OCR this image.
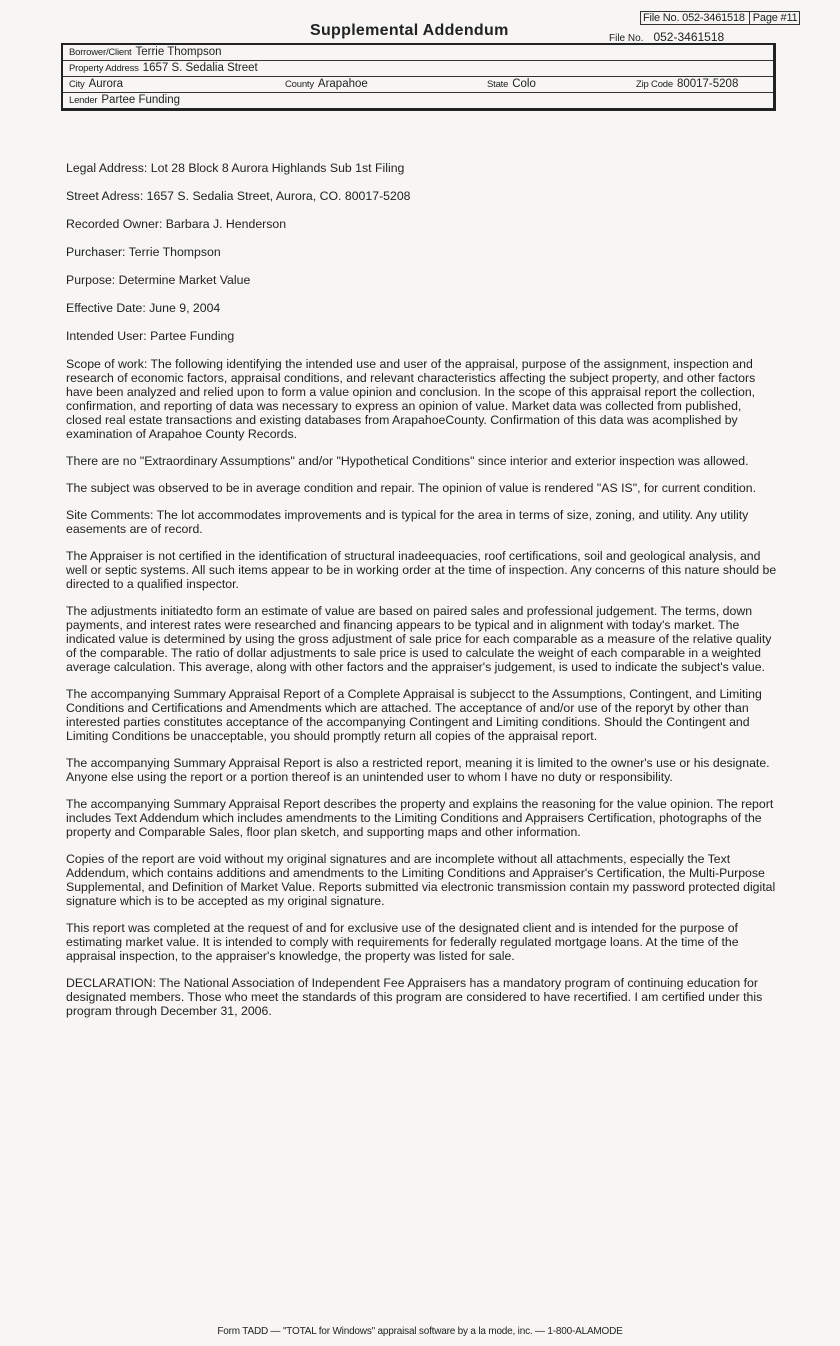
File No. 052-3461518 Page #11
Supplemental Addendum	File No. 052-3461518
Borrower/Client Terrie Thompson
Property Address 1657 S. Sedalia Street
City Aurora	County Arapahoe	State Colo	Zip Code 80017-5208
Lender Partee Funding
Legal Address: Lot 28 Block 8 Aurora Highlands Sub 1st Filing
Street Adress: 1657 S. Sedalia Street, Aurora, CO. 80017-5208
Recorded Owner: Barbara J. Henderson
Purchaser: Terrie Thompson
Purpose: Determine Market Value
Effective Date: June 9, 2004
Intended User: Partee Funding
Scope of work: The following identifying the intended use and user of the appraisal, purpose of the assignment, inspection and research of economic factors, appraisal conditions, and relevant characteristics affecting the subject property, and other factors have been analyzed and relied upon to form a value opinion and conclusion. In the scope of this appraisal report the collection, confirmation, and reporting of data was necessary to express an opinion of value. Market data was collected from published, closed real estate transactions and existing databases from ArapahoeCounty. Confirmation of this data was acomplished by examination of Arapahoe County Records.
There are no "Extraordinary Assumptions" and/or "Hypothetical Conditions" since interior and exterior inspection was allowed.
The subject was observed to be in average condition and repair. The opinion of value is rendered "AS IS", for current condition.
Site Comments: The lot accommodates improvements and is typical for the area in terms of size, zoning, and utility. Any utility easements are of record.
The Appraiser is not certified in the identification of structural inadeequacies, roof certifications, soil and geological analysis, and well or septic systems. All such items appear to be in working order at the time of inspection. Any concerns of this nature should be directed to a qualified inspector.
The adjustments initiatedto form an estimate of value are based on paired sales and professional judgement. The terms, down payments, and interest rates were researched and financing appears to be typical and in alignment with today's market. The indicated value is determined by using the gross adjustment of sale price for each comparable as a measure of the relative quality of the comparable. The ratio of dollar adjustments to sale price is used to calculate the weight of each comparable in a weighted average calculation. This average, along with other factors and the appraiser's judgement, is used to indicate the subject's value.
The accompanying Summary Appraisal Report of a Complete Appraisal is subjecct to the Assumptions, Contingent, and Limiting Conditions and Certifications and Amendments which are attached. The acceptance of and/or use of the reporyt by other than interested parties constitutes acceptance of the accompanying Contingent and Limiting conditions. Should the Contingent and Limiting Conditions be unacceptable, you should promptly return all copies of the appraisal report.
The accompanying Summary Appraisal Report is also a restricted report, meaning it is limited to the owner's use or his designate. Anyone else using the report or a portion thereof is an unintended user to whom I have no duty or responsibility.
The accompanying Summary Appraisal Report describes the property and explains the reasoning for the value opinion. The report includes Text Addendum which includes amendments to the Limiting Conditions and Appraisers Certification, photographs of the property and Comparable Sales, floor plan sketch, and supporting maps and other information.
Copies of the report are void without my original signatures and are incomplete without all attachments, especially the Text Addendum, which contains additions and amendments to the Limiting Conditions and Appraiser's Certification, the Multi-Purpose Supplemental, and Definition of Market Value. Reports submitted via electronic transmission contain my password protected digital signature which is to be accepted as my original signature.
This report was completed at the request of and for exclusive use of the designated client and is intended for the purpose of estimating market value. It is intended to comply with requirements for federally regulated mortgage loans. At the time of the appraisal inspection, to the appraiser's knowledge, the property was listed for sale.
DECLARATION: The National Association of Independent Fee Appraisers has a mandatory program of continuing education for designated members. Those who meet the standards of this program are considered to have recertified. I am certified under this program through December 31, 2006.
Form TADD — "TOTAL for Windows" appraisal software by a la mode, inc. — 1-800-ALAMODE
